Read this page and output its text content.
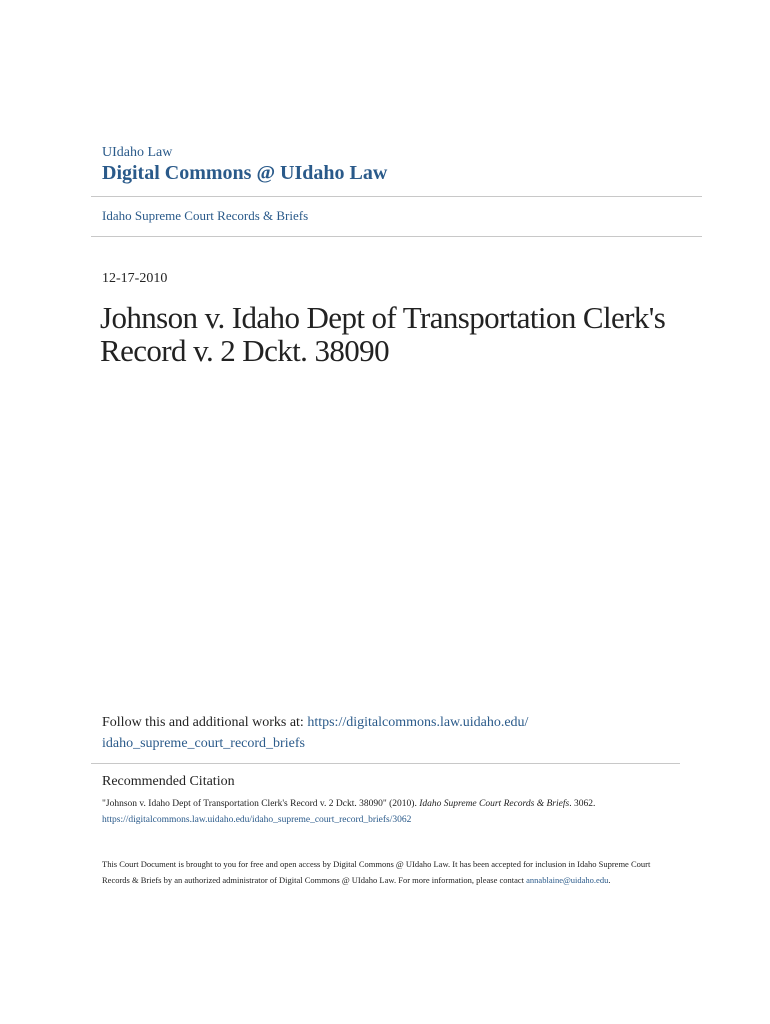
UIdaho Law
Digital Commons @ UIdaho Law
Idaho Supreme Court Records & Briefs
12-17-2010
Johnson v. Idaho Dept of Transportation Clerk's Record v. 2 Dckt. 38090
Follow this and additional works at: https://digitalcommons.law.uidaho.edu/
idaho_supreme_court_record_briefs
Recommended Citation
"Johnson v. Idaho Dept of Transportation Clerk's Record v. 2 Dckt. 38090" (2010). Idaho Supreme Court Records & Briefs. 3062.
https://digitalcommons.law.uidaho.edu/idaho_supreme_court_record_briefs/3062
This Court Document is brought to you for free and open access by Digital Commons @ UIdaho Law. It has been accepted for inclusion in Idaho Supreme Court Records & Briefs by an authorized administrator of Digital Commons @ UIdaho Law. For more information, please contact annablaine@uidaho.edu.
